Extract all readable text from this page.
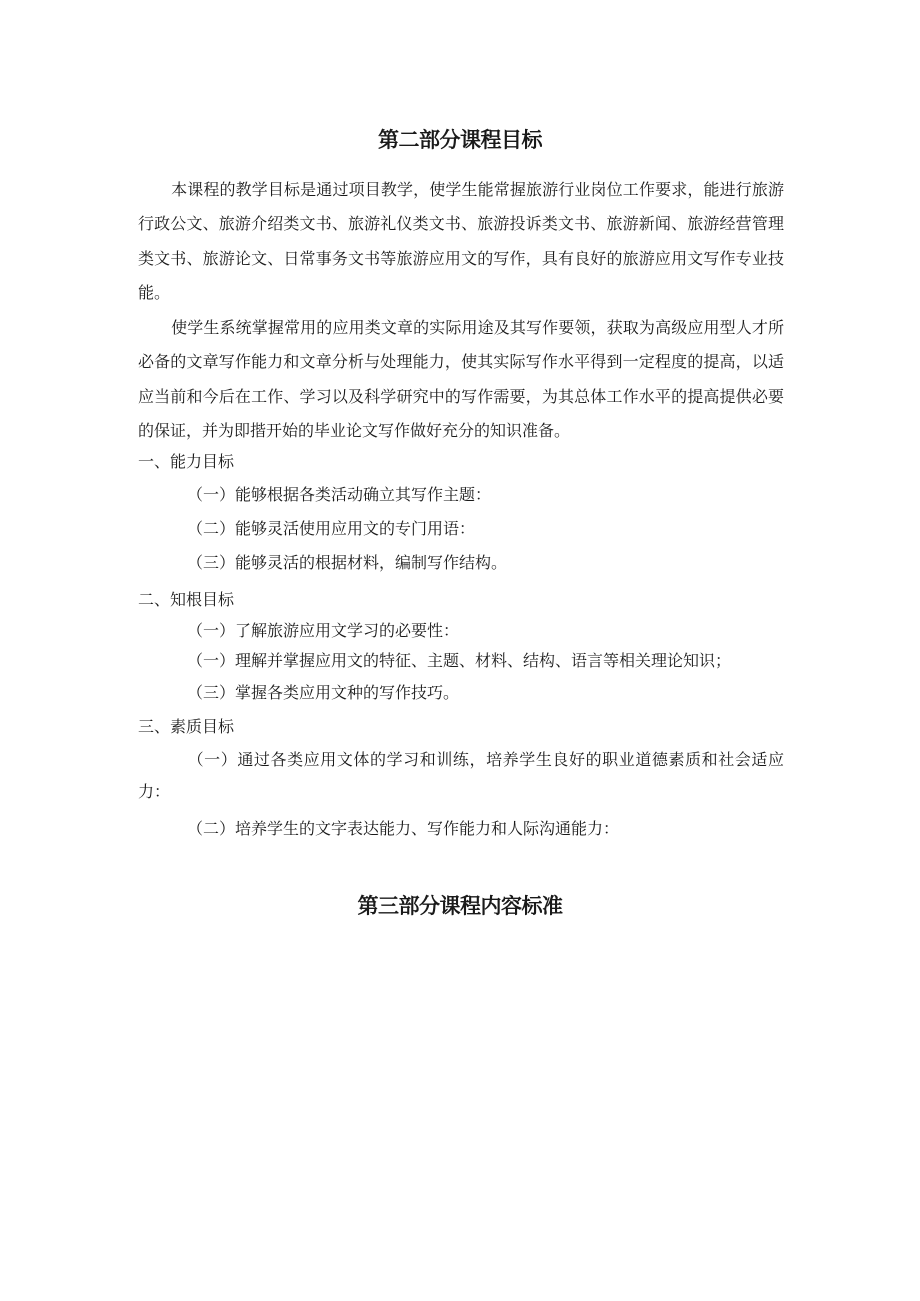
第二部分课程目标
本课程的教学目标是通过项目教学，使学生能常握旅游行业岗位工作要求，能进行旅游行政公文、旅游介绍类文书、旅游礼仪类文书、旅游投诉类文书、旅游新闻、旅游经营管理类文书、旅游论文、日常事务文书等旅游应用文的写作，具有良好的旅游应用文写作专业技能。
使学生系统掌握常用的应用类文章的实际用途及其写作要领，获取为高级应用型人才所必备的文章写作能力和文章分析与处理能力，使其实际写作水平得到一定程度的提高，以适应当前和今后在工作、学习以及科学研究中的写作需要，为其总体工作水平的提高提供必要的保证，并为即揩开始的毕业论文写作做好充分的知识准备。
一、能力目标
（一）能够根据各类活动确立其写作主题：
（二）能够灵活使用应用文的专门用语：
（三）能够灵活的根据材料，编制写作结构。
二、知根目标
（一）了解旅游应用文学习的必要性：
（一）理解并掌握应用文的特征、主题、材料、结构、语言等相关理论知识；
（三）掌握各类应用文种的写作技巧。
三、素质目标
（一）通过各类应用文体的学习和训练，培养学生良好的职业道德素质和社会适应力：
（二）培养学生的文字表达能力、写作能力和人际沟通能力：
第三部分课程内容标准
